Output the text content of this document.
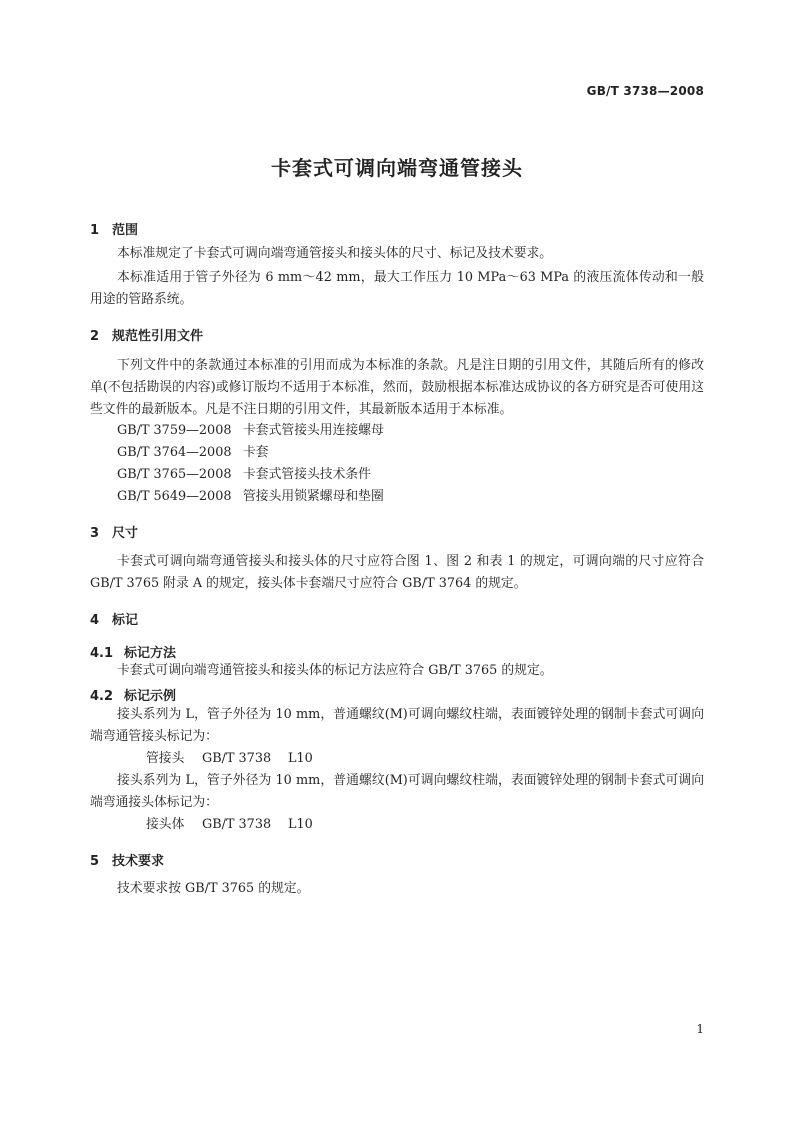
GB/T 3738—2008
卡套式可调向端弯通管接头
1 范围
本标准规定了卡套式可调向端弯通管接头和接头体的尺寸、标记及技术要求。
本标准适用于管子外径为 6 mm～42 mm，最大工作压力 10 MPa～63 MPa 的液压流体传动和一般用途的管路系统。
2 规范性引用文件
下列文件中的条款通过本标准的引用而成为本标准的条款。凡是注日期的引用文件，其随后所有的修改单(不包括勘误的内容)或修订版均不适用于本标准，然而，鼓励根据本标准达成协议的各方研究是否可使用这些文件的最新版本。凡是不注日期的引用文件，其最新版本适用于本标准。
GB/T 3759—2008 卡套式管接头用连接螺母
GB/T 3764—2008 卡套
GB/T 3765—2008 卡套式管接头技术条件
GB/T 5649—2008 管接头用锁紧螺母和垫圈
3 尺寸
卡套式可调向端弯通管接头和接头体的尺寸应符合图 1、图 2 和表 1 的规定，可调向端的尺寸应符合 GB/T 3765 附录 A 的规定，接头体卡套端尺寸应符合 GB/T 3764 的规定。
4 标记
4.1 标记方法
卡套式可调向端弯通管接头和接头体的标记方法应符合 GB/T 3765 的规定。
4.2 标记示例
接头系列为 L，管子外径为 10 mm，普通螺纹(M)可调向螺纹柱端，表面镀锌处理的钢制卡套式可调向端弯通管接头标记为：
管接头 GB/T 3738 L10
接头系列为 L，管子外径为 10 mm，普通螺纹(M)可调向螺纹柱端，表面镀锌处理的钢制卡套式可调向端弯通接头体标记为：
接头体 GB/T 3738 L10
5 技术要求
技术要求按 GB/T 3765 的规定。
1
